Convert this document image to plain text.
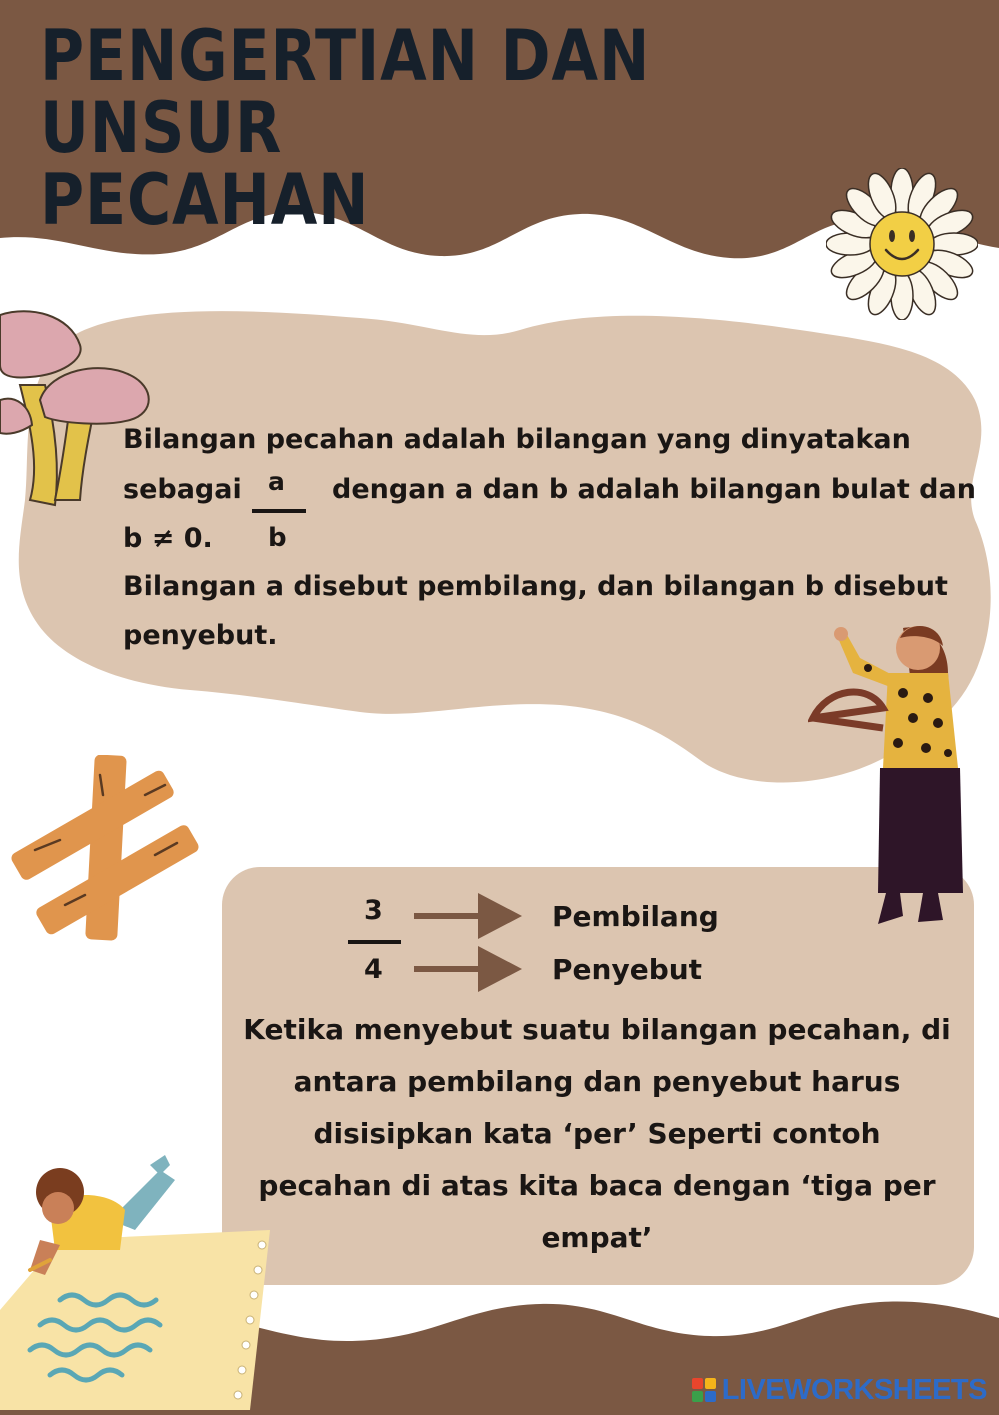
PENGERTIAN DAN UNSUR
PECAHAN
Bilangan pecahan adalah bilangan yang dinyatakan
sebagai a
b
dengan a dan b adalah bilangan bulat dan
b ≠ 0.
Bilangan a disebut pembilang, dan bilangan b disebut
penyebut.
3
4
Pembilang
Penyebut
Ketika menyebut suatu bilangan pecahan, di
antara pembilang dan penyebut harus
disisipkan kata ‘per’ Seperti contoh
pecahan di atas kita baca dengan ‘tiga per
empat’
LIVEWORKSHEETS
